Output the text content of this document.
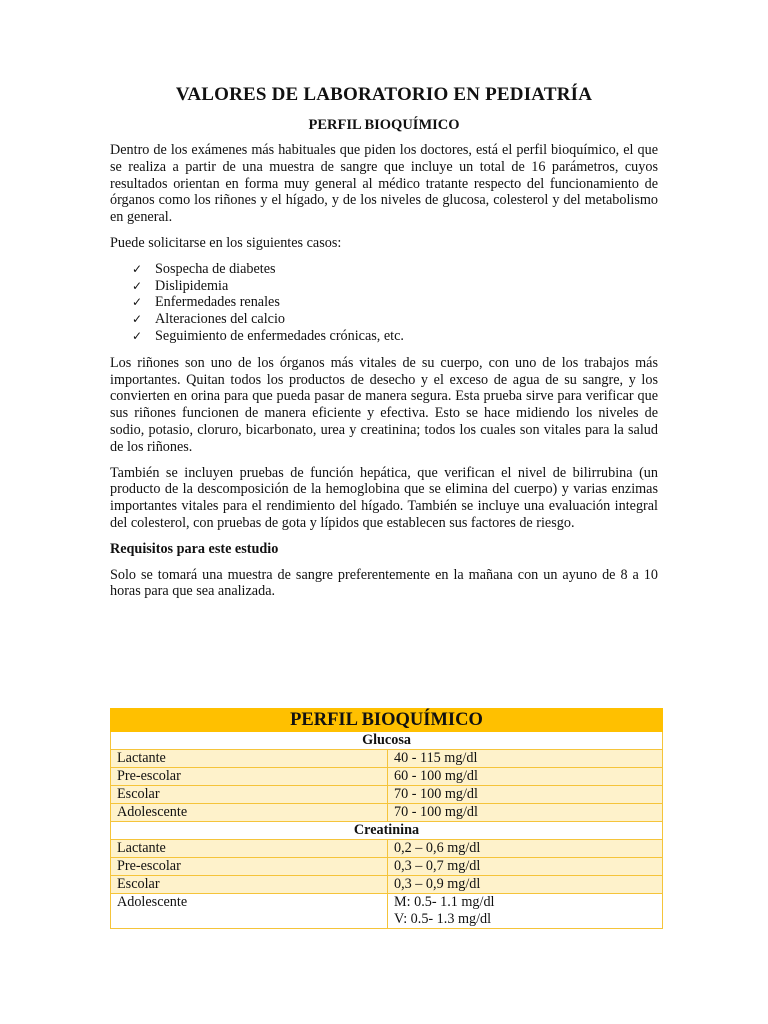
VALORES DE LABORATORIO EN PEDIATRÍA
PERFIL BIOQUÍMICO

Dentro de los exámenes más habituales que piden los doctores, está el perfil bioquímico, el que se realiza a partir de una muestra de sangre que incluye un total de 16 parámetros, cuyos resultados orientan en forma muy general al médico tratante respecto del funcionamiento de órganos como los riñones y el hígado, y de los niveles de glucosa, colesterol y del metabolismo en general.

Puede solicitarse en los siguientes casos:

✓ Sospecha de diabetes
✓ Dislipidemia
✓ Enfermedades renales
✓ Alteraciones del calcio
✓ Seguimiento de enfermedades crónicas, etc.

Los riñones son uno de los órganos más vitales de su cuerpo, con uno de los trabajos más importantes. Quitan todos los productos de desecho y el exceso de agua de su sangre, y los convierten en orina para que pueda pasar de manera segura. Esta prueba sirve para verificar que sus riñones funcionen de manera eficiente y efectiva. Esto se hace midiendo los niveles de sodio, potasio, cloruro, bicarbonato, urea y creatinina; todos los cuales son vitales para la salud de los riñones.

También se incluyen pruebas de función hepática, que verifican el nivel de bilirrubina (un producto de la descomposición de la hemoglobina que se elimina del cuerpo) y varias enzimas importantes vitales para el rendimiento del hígado. También se incluye una evaluación integral del colesterol, con pruebas de gota y lípidos que establecen sus factores de riesgo.

Requisitos para este estudio

Solo se tomará una muestra de sangre preferentemente en la mañana con un ayuno de 8 a 10 horas para que sea analizada.

PERFIL BIOQUÍMICO	
Glucosa	
Lactante	40 - 115 mg/dl
Pre-escolar	60 - 100 mg/dl
Escolar	70 - 100 mg/dl
Adolescente	70 - 100 mg/dl
Creatinina	
Lactante	0,2 – 0,6 mg/dl
Pre-escolar	0,3 – 0,7 mg/dl
Escolar	0,3 – 0,9 mg/dl
Adolescente	M: 0.5- 1.1 mg/dl
V: 0.5- 1.3 mg/dl
